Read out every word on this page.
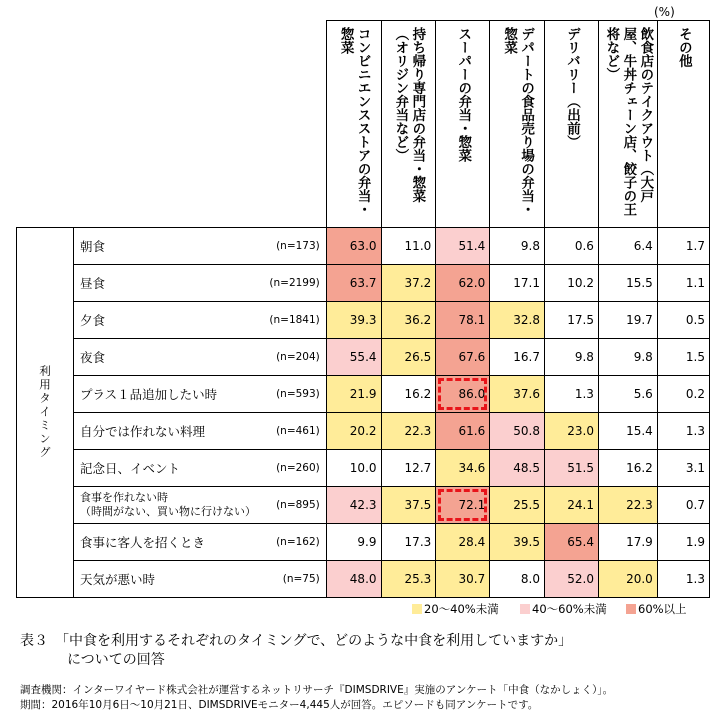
(%)

			コンビニエンスストアの弁当・惣菜	持ち帰り専門店の弁当・惣菜（オリジン弁当など）	スーパーの弁当・惣菜	デパートの食品売り場の弁当・惣菜	デリバリー（出前）	飲食店のテイクアウト（大戸屋、牛丼チェーン店、餃子の王将など）	その他

利用タイミング	朝食	(n=173)	63.0	11.0	51.4	9.8	0.6	6.4	1.7

	昼食	(n=2199)	63.7	37.2	62.0	17.1	10.2	15.5	1.1

	夕食	(n=1841)	39.3	36.2	78.1	32.8	17.5	19.7	0.5

	夜食	(n=204)	55.4	26.5	67.6	16.7	9.8	9.8	1.5

	プラス１品追加したい時	(n=593)	21.9	16.2	86.0	37.6	1.3	5.6	0.2

	自分では作れない料理	(n=461)	20.2	22.3	61.6	50.8	23.0	15.4	1.3

	記念日、イベント	(n=260)	10.0	12.7	34.6	48.5	51.5	16.2	3.1

	食事を作れない時
（時間がない、買い物に行けない）	(n=895)	42.3	37.5	72.1	25.5	24.1	22.3	0.7

	食事に客人を招くとき	(n=162)	9.9	17.3	28.4	39.5	65.4	17.9	1.9

	天気が悪い時	(n=75)	48.0	25.3	30.7	8.0	52.0	20.0	1.3
20～40%未満	40～60%未満	60%以上
表３　「中食を利用するそれぞれのタイミングで、どのような中食を利用していますか」
についての回答
調査機関：インターワイヤード株式会社が運営するネットリサーチ『DIMSDRIVE』実施のアンケート「中食（なかしょく）」。
期間：2016年10月6日～10月21日、DIMSDRIVEモニター4,445人が回答。エピソードも同アンケートです。
